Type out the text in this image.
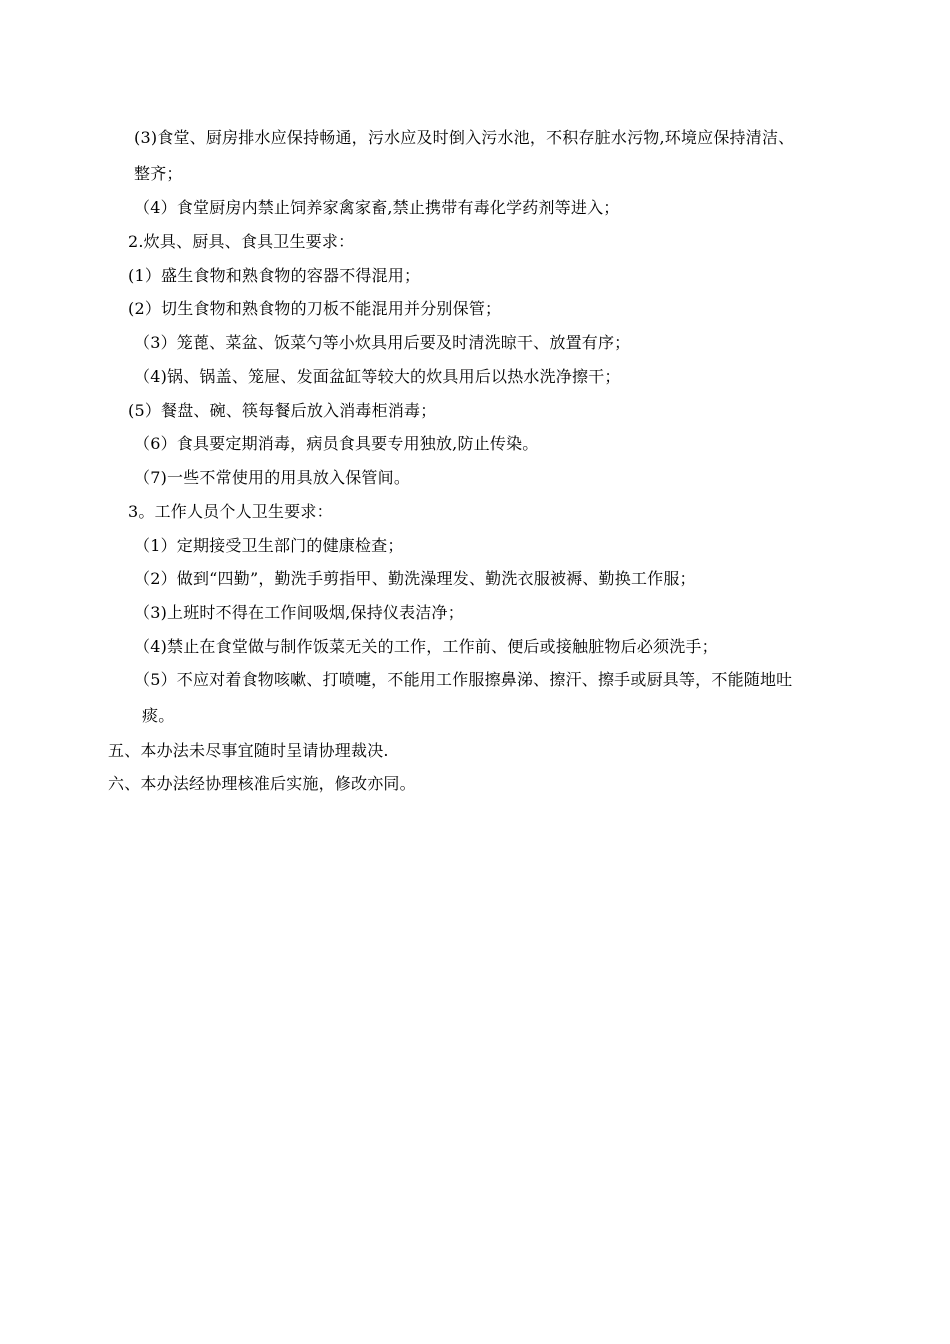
(3)食堂、厨房排水应保持畅通，污水应及时倒入污水池，不积存脏水污物,环境应保持清洁、
整齐；
（4）食堂厨房内禁止饲养家禽家畜,禁止携带有毒化学药剂等进入；
2.炊具、厨具、食具卫生要求：
(1）盛生食物和熟食物的容器不得混用；
(2）切生食物和熟食物的刀板不能混用并分别保管；
（3）笼蓖、菜盆、饭菜勺等小炊具用后要及时清洗晾干、放置有序；
（4)锅、锅盖、笼屉、发面盆缸等较大的炊具用后以热水洗净擦干；
(5）餐盘、碗、筷每餐后放入消毒柜消毒；
（6）食具要定期消毒，病员食具要专用独放,防止传染。
（7)一些不常使用的用具放入保管间。
3。工作人员个人卫生要求：
（1）定期接受卫生部门的健康检查；
（2）做到“四勤”，勤洗手剪指甲、勤洗澡理发、勤洗衣服被褥、勤换工作服；
（3)上班时不得在工作间吸烟,保持仪表洁净；
（4)禁止在食堂做与制作饭菜无关的工作，工作前、便后或接触脏物后必须洗手；
（5）不应对着食物咳嗽、打喷嚏，不能用工作服擦鼻涕、擦汗、擦手或厨具等，不能随地吐
痰。
五、本办法未尽事宜随时呈请协理裁决.
六、本办法经协理核准后实施，修改亦同。
